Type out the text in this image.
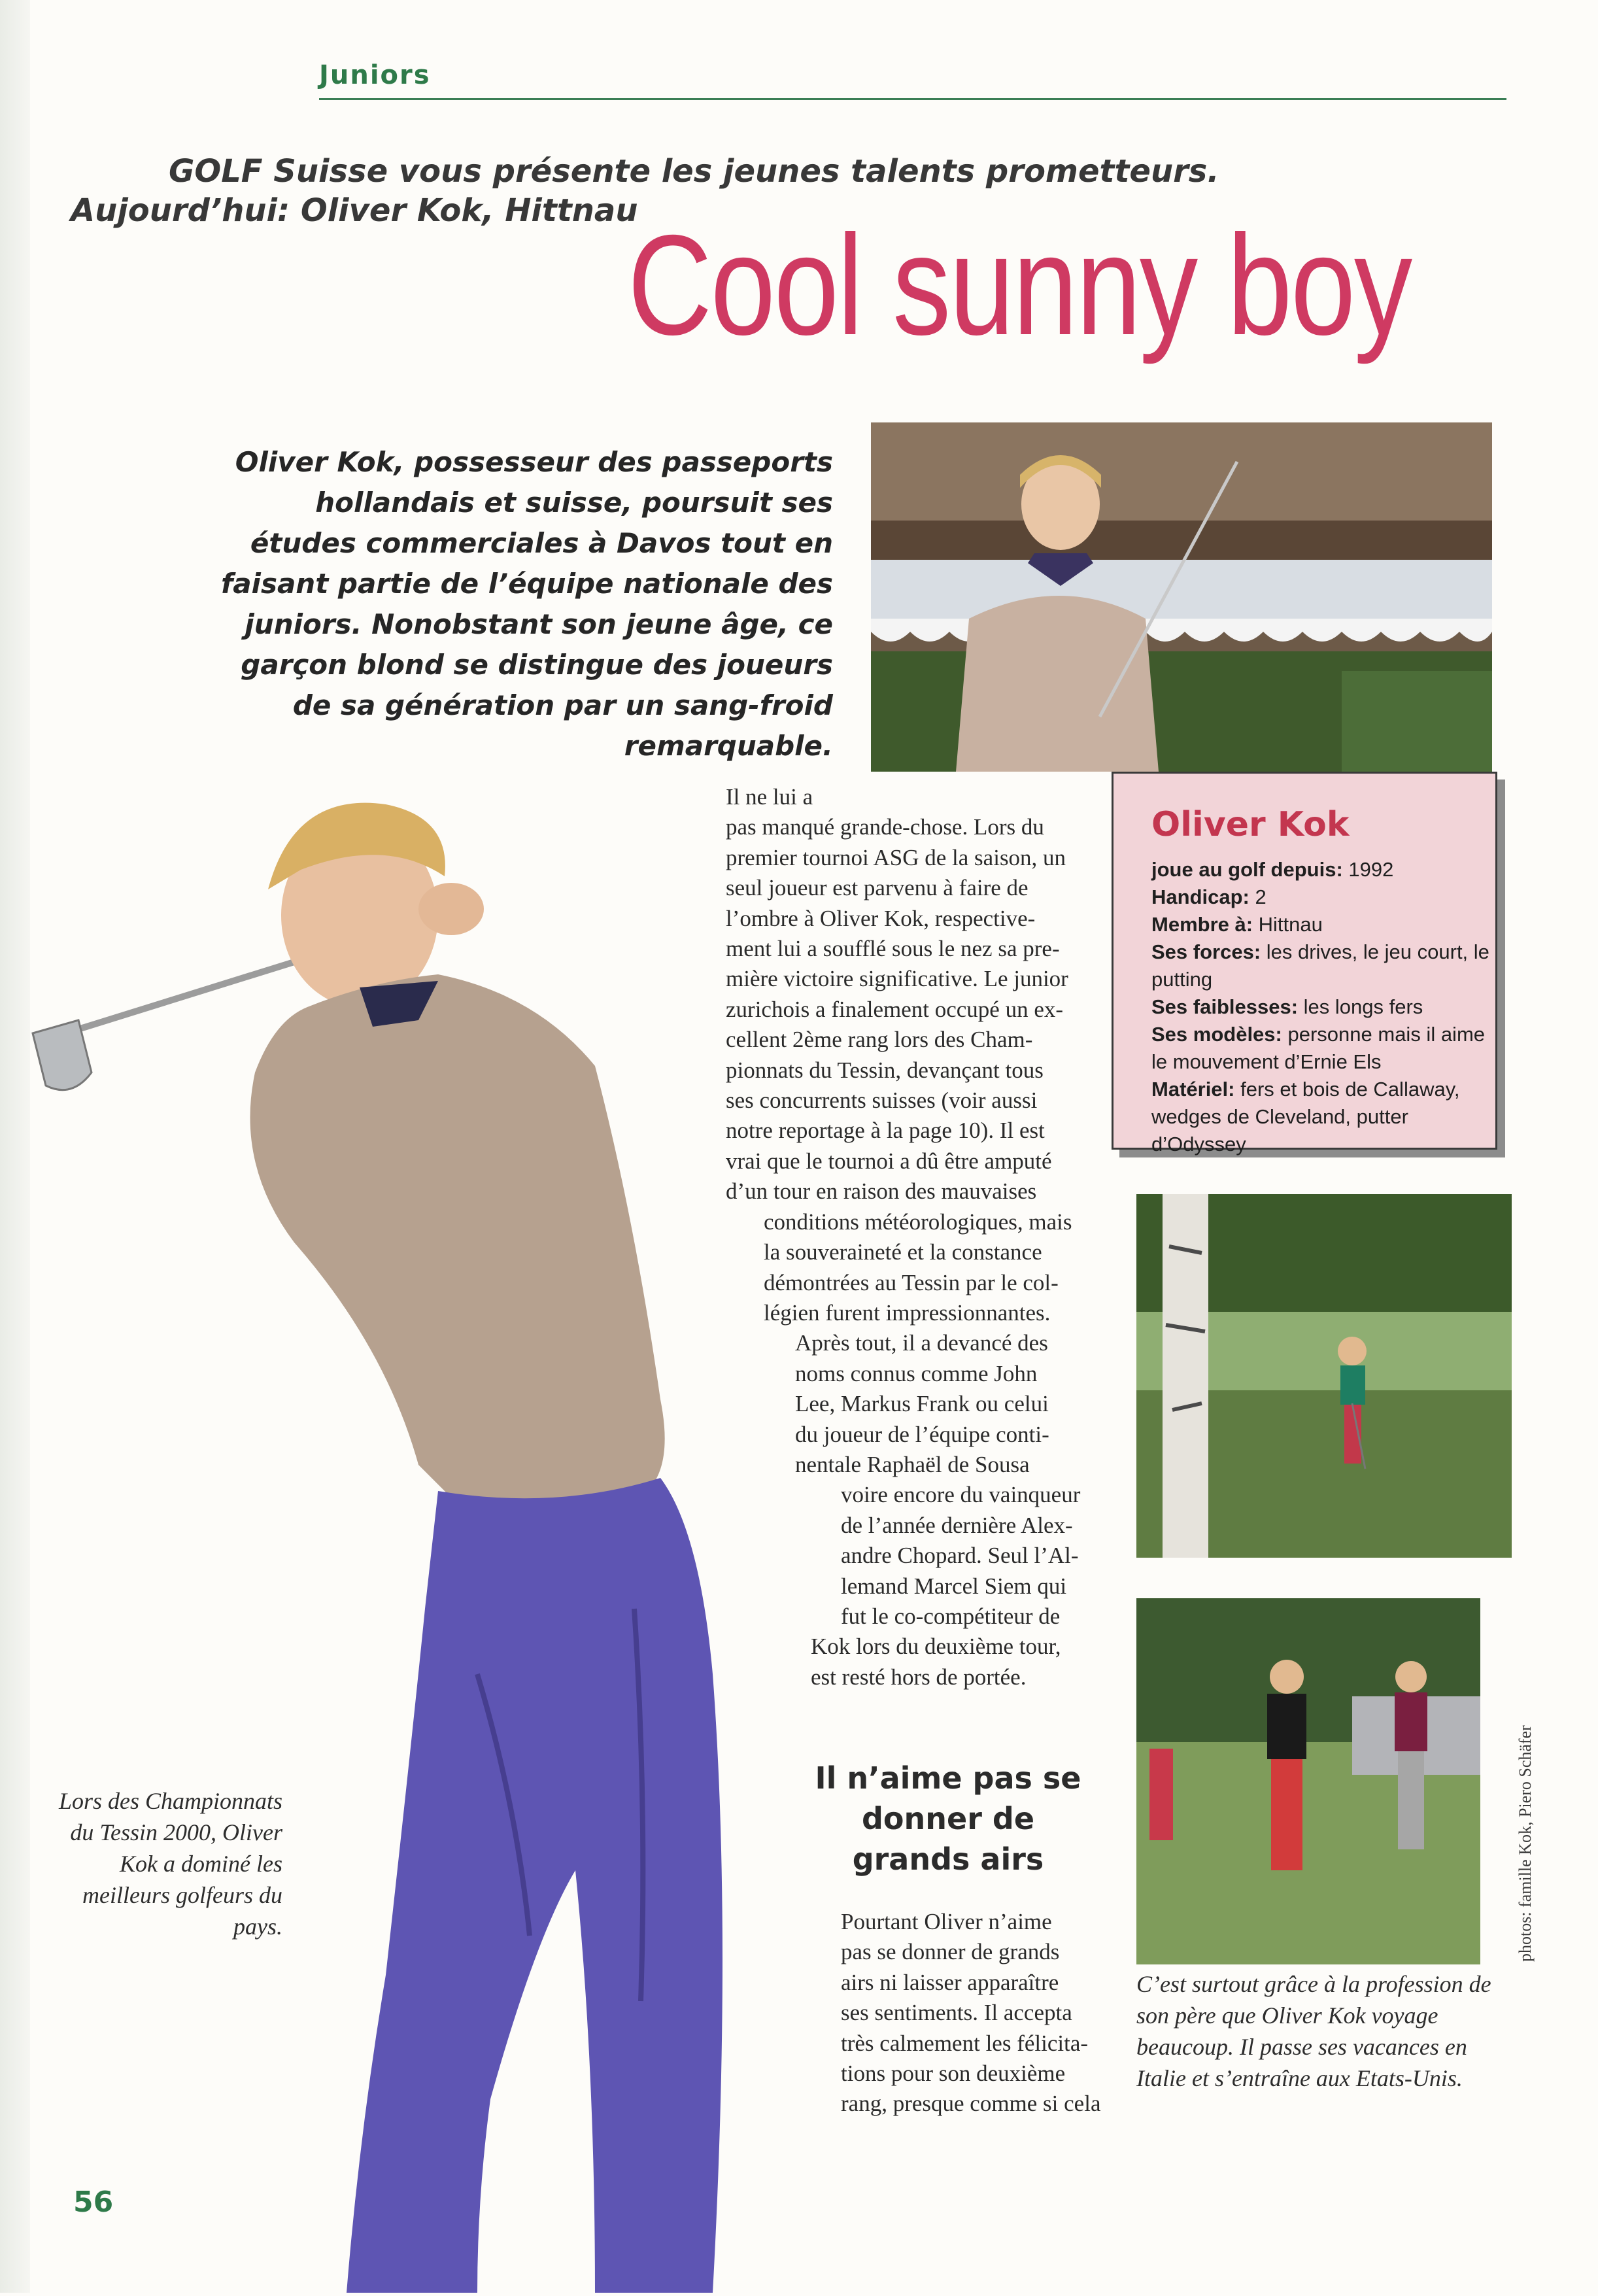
Juniors
GOLF Suisse vous présente les jeunes talents prometteurs.
Aujourd’hui: Oliver Kok, Hittnau
Cool sunny boy
Oliver Kok, possesseur des passeports hollandais et suisse, poursuit ses études commerciales à Davos tout en faisant partie de l’équipe nationale des juniors. Nonobstant son jeune âge, ce garçon blond se distingue des joueurs de sa génération par un sang-froid remarquable.
Oliver Kok

joue au golf depuis: 1992

Handicap: 2

Membre à: Hittnau

Ses forces: les drives, le jeu court, le putting

Ses faiblesses: les longs fers

Ses modèles: personne mais il aime le mouvement d’Ernie Els

Matériel: fers et bois de Callaway, wedges de Cleveland, putter d’Odyssey

Il ne lui a
pas manqué grande-chose. Lors du
premier tournoi ASG de la saison, un
seul joueur est parvenu à faire de
l’ombre à Oliver Kok, respective-
ment lui a soufflé sous le nez sa pre-
mière victoire significative. Le junior
zurichois a finalement occupé un ex-
cellent 2ème rang lors des Cham-
pionnats du Tessin, devançant tous
ses concurrents suisses (voir aussi
notre reportage à la page 10). Il est
vrai que le tournoi a dû être amputé
d’un tour en raison des mauvaises
conditions météorologiques, mais
la souveraineté et la constance
démontrées au Tessin par le col-
légien furent impressionnantes.
Après tout, il a devancé des
noms connus comme John
Lee, Markus Frank ou celui
du joueur de l’équipe conti-
nentale Raphaël de Sousa
voire encore du vainqueur
de l’année dernière Alex-
andre Chopard. Seul l’Al-
lemand Marcel Siem qui
fut le co-compétiteur de
Kok lors du deuxième tour,
est resté hors de portée.
Il n’aime pas se donner de grands airs
Pourtant Oliver n’aime
pas se donner de grands
airs ni laisser apparaître
ses sentiments. Il accepta
très calmement les félicita-
tions pour son deuxième
rang, presque comme si cela
Lors des Championnats du Tessin 2000, Oliver Kok a dominé les meilleurs golfeurs du pays.
C’est surtout grâce à la profession de son père que Oliver Kok voyage beaucoup. Il passe ses vacances en Italie et s’entraîne aux Etats-Unis.
photos: famille Kok, Piero Schäfer
56
